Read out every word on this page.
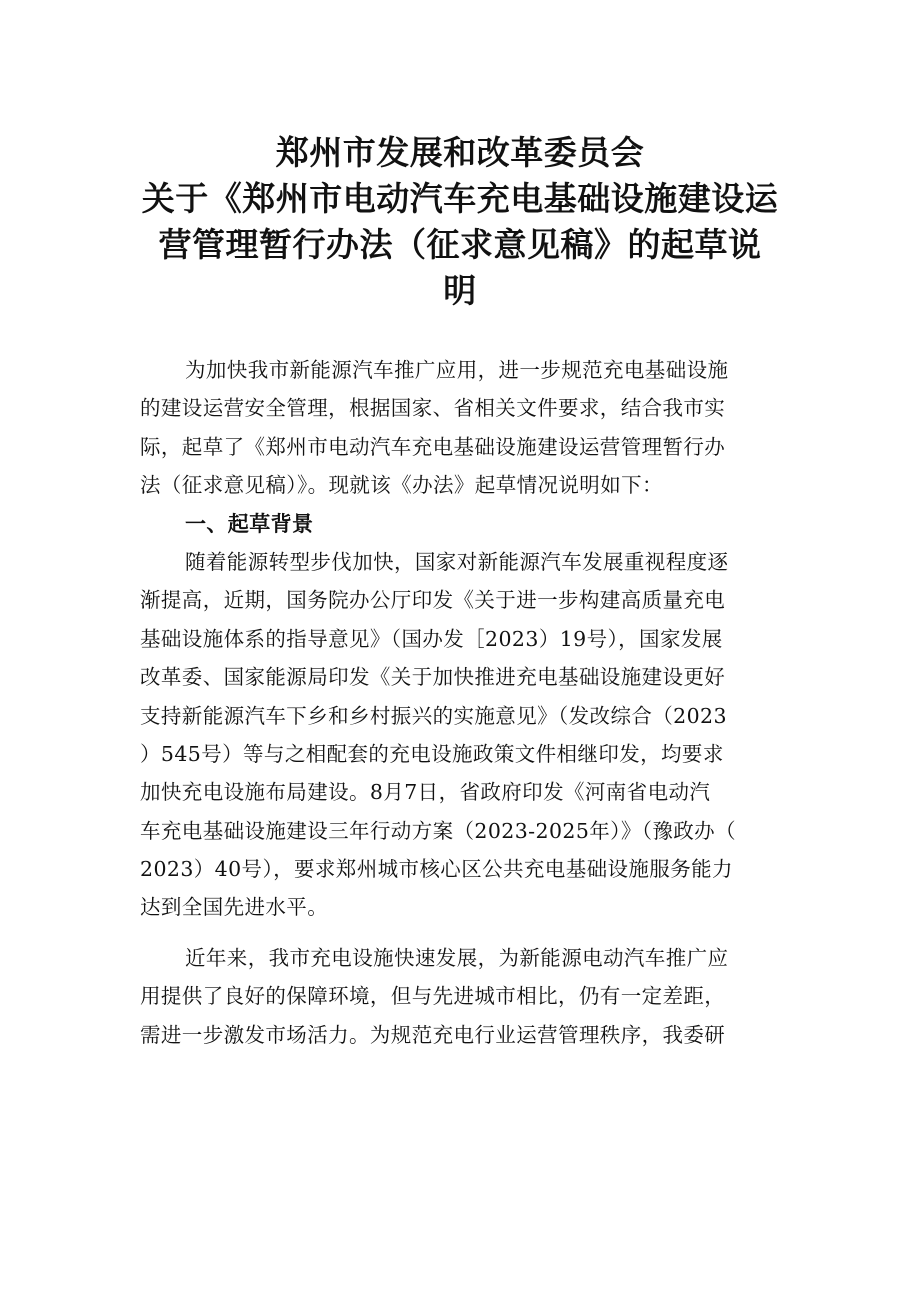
郑州市发展和改革委员会
关于《郑州市电动汽车充电基础设施建设运
营管理暂行办法（征求意见稿》的起草说
明
为加快我市新能源汽车推广应用，进一步规范充电基础设施
的建设运营安全管理，根据国家、省相关文件要求，结合我市实
际，起草了《郑州市电动汽车充电基础设施建设运营管理暂行办
法（征求意见稿）》。现就该《办法》起草情况说明如下：
一、起草背景
随着能源转型步伐加快，国家对新能源汽车发展重视程度逐
渐提高，近期，国务院办公厅印发《关于进一步构建高质量充电
基础设施体系的指导意见》（国办发［2023）19号），国家发展
改革委、国家能源局印发《关于加快推进充电基础设施建设更好
支持新能源汽车下乡和乡村振兴的实施意见》（发改综合（2023
）545号）等与之相配套的充电设施政策文件相继印发，均要求
加快充电设施布局建设。8月7日，省政府印发《河南省电动汽
车充电基础设施建设三年行动方案（2023-2025年）》（豫政办（
2023）40号），要求郑州城市核心区公共充电基础设施服务能力
达到全国先进水平。
近年来，我市充电设施快速发展，为新能源电动汽车推广应
用提供了良好的保障环境，但与先进城市相比，仍有一定差距，
需进一步激发市场活力。为规范充电行业运营管理秩序，我委研
